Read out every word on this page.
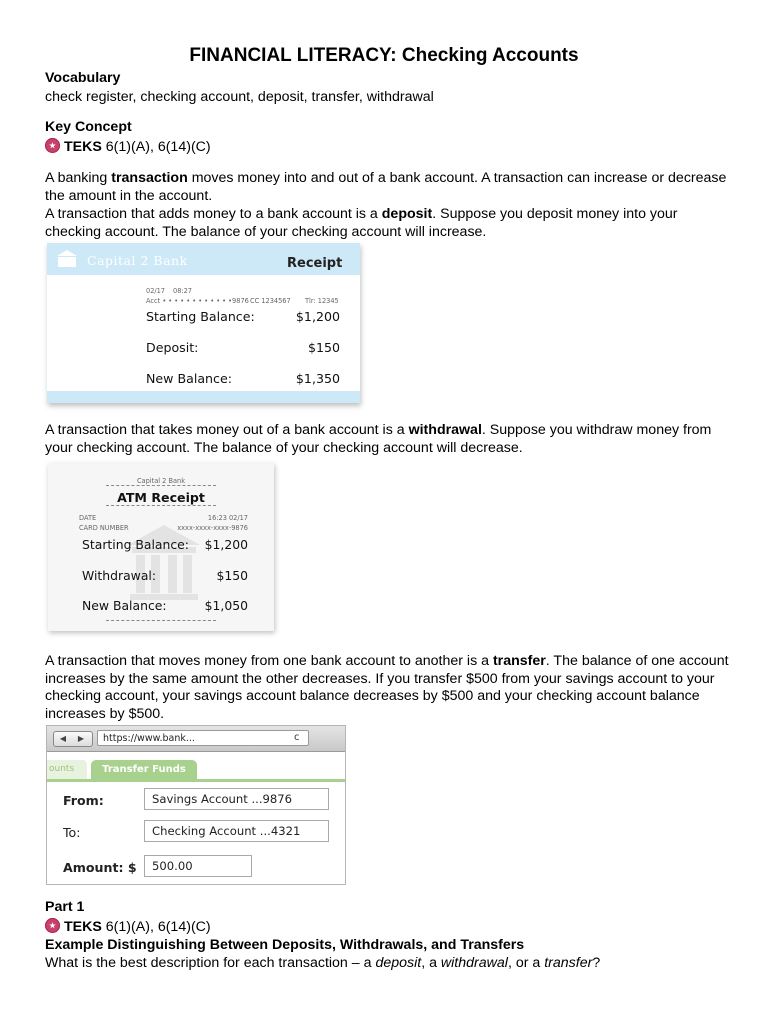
FINANCIAL LITERACY: Checking Accounts
Vocabulary
check register, checking account, deposit, transfer, withdrawal
Key Concept
TEKS 6(1)(A), 6(14)(C)
A banking transaction moves money into and out of a bank account. A transaction can increase or decrease the amount in the account.
A transaction that adds money to a bank account is a deposit. Suppose you deposit money into your checking account. The balance of your checking account will increase.
Capital 2 Bank	Receipt
02/17 08:27
Acct • • • • • • • • • • • •9876 CC 1234567 Tlr: 12345
Starting Balance:	$1,200
Deposit:	$150
New Balance:	$1,350
A transaction that takes money out of a bank account is a withdrawal. Suppose you withdraw money from your checking account. The balance of your checking account will decrease.
Capital 2 Bank
ATM Receipt
DATE	16:23 02/17
CARD NUMBER	xxxx-xxxx-xxxx-9876
Starting Balance: $1,200
Withdrawal:	$150
New Balance:	$1,050
A transaction that moves money from one bank account to another is a transfer. The balance of one account increases by the same amount the other decreases. If you transfer $500 from your savings account to your checking account, your savings account balance decreases by $500 and your checking account balance increases by $500.
◀ ▶	https://www.bank...	c
ounts	Transfer Funds
From:	Savings Account ...9876
To:	Checking Account ...4321
Amount: $	500.00
Part 1
TEKS 6(1)(A), 6(14)(C)
Example Distinguishing Between Deposits, Withdrawals, and Transfers
What is the best description for each transaction – a deposit, a withdrawal, or a transfer?
